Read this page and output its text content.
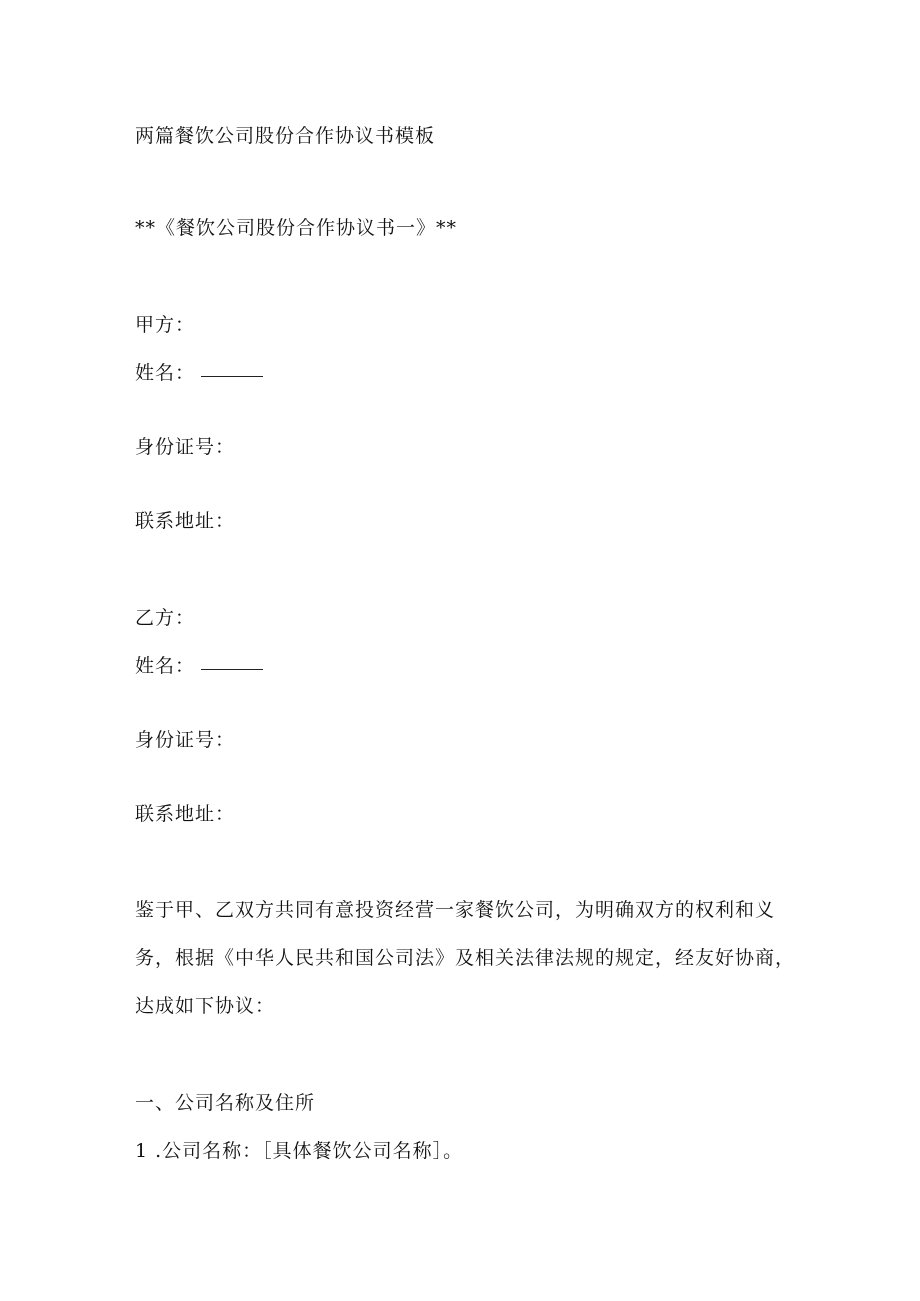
两篇餐饮公司股份合作协议书模板
**《餐饮公司股份合作协议书一》**
甲方：
姓名：
身份证号：
联系地址：
乙方：
姓名：
身份证号：
联系地址：
鉴于甲、乙双方共同有意投资经营一家餐饮公司，为明确双方的权利和义
务，根据《中华人民共和国公司法》及相关法律法规的规定，经友好协商，
达成如下协议：
一、公司名称及住所
1 .公司名称：［具体餐饮公司名称］。
